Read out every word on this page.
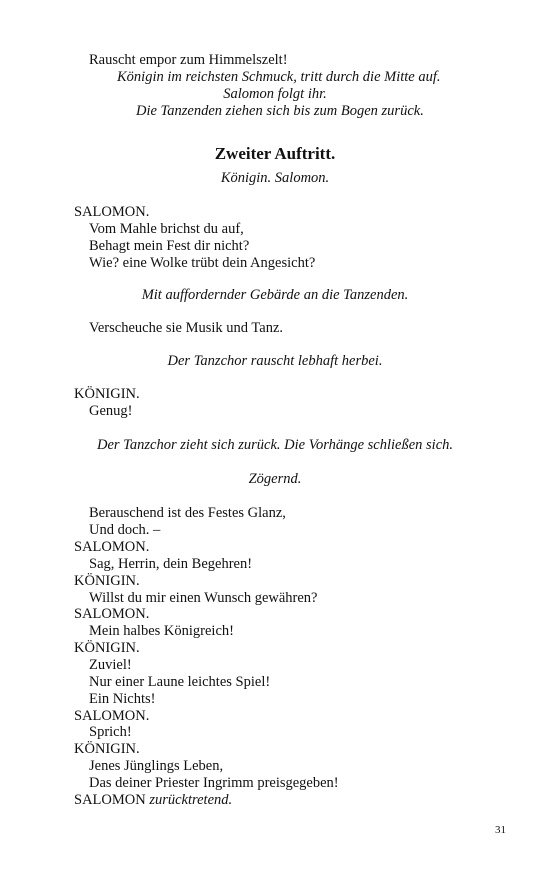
Rauscht empor zum Himmelszelt!
Königin im reichsten Schmuck, tritt durch die Mitte auf.
Salomon folgt ihr.
Die Tanzenden ziehen sich bis zum Bogen zurück.
Zweiter Auftritt.
Königin. Salomon.
SALOMON.
Vom Mahle brichst du auf,
Behagt mein Fest dir nicht?
Wie? eine Wolke trübt dein Angesicht?
Mit auffordernder Gebärde an die Tanzenden.
Verscheuche sie Musik und Tanz.
Der Tanzchor rauscht lebhaft herbei.
KÖNIGIN.
Genug!
Der Tanzchor zieht sich zurück. Die Vorhänge schließen sich.
Zögernd.
Berauschend ist des Festes Glanz,
Und doch. –
SALOMON.
Sag, Herrin, dein Begehren!
KÖNIGIN.
Willst du mir einen Wunsch gewähren?
SALOMON.
Mein halbes Königreich!
KÖNIGIN.
Zuviel!
Nur einer Laune leichtes Spiel!
Ein Nichts!
SALOMON.
Sprich!
KÖNIGIN.
Jenes Jünglings Leben,
Das deiner Priester Ingrimm preisgegeben!
SALOMON zurücktretend.
31
